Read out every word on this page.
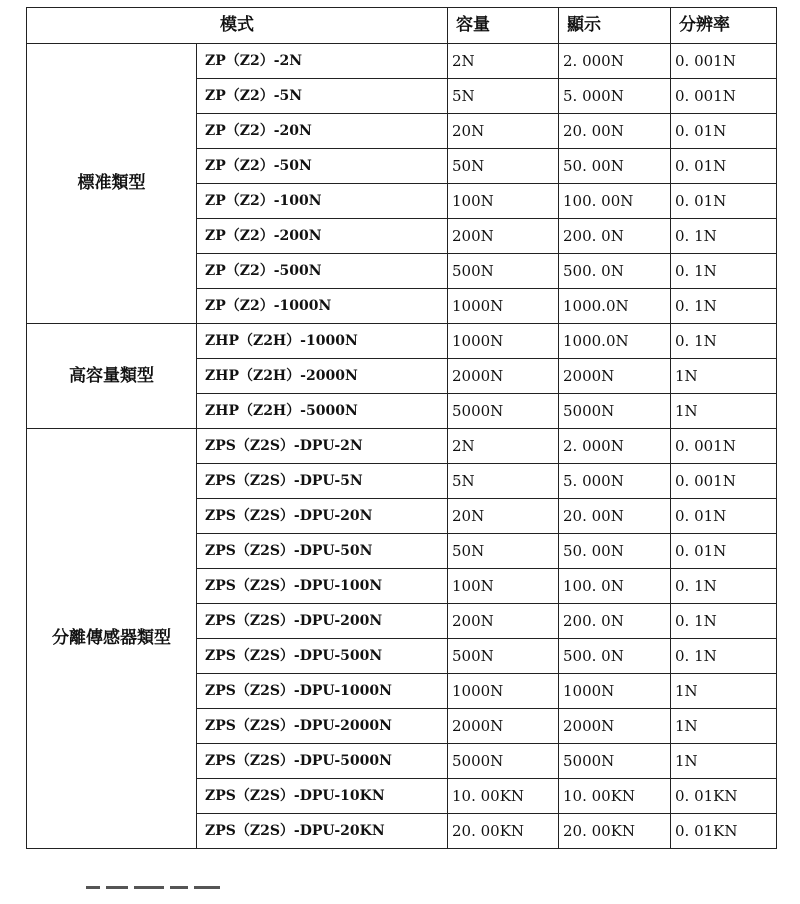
模式		容量	顯示	分辨率
標准類型	ZP（Z2）-2N	2N	2. 000N	0. 001N
	ZP（Z2）-5N	5N	5. 000N	0. 001N
	ZP（Z2）-20N	20N	20. 00N	0. 01N
	ZP（Z2）-50N	50N	50. 00N	0. 01N
	ZP（Z2）-100N	100N	100. 00N	0. 01N
	ZP（Z2）-200N	200N	200. 0N	0. 1N
	ZP（Z2）-500N	500N	500. 0N	0. 1N
	ZP（Z2）-1000N	1000N	1000.0N	0. 1N
高容量類型	ZHP（Z2H）-1000N	1000N	1000.0N	0. 1N
	ZHP（Z2H）-2000N	2000N	2000N	1N
	ZHP（Z2H）-5000N	5000N	5000N	1N
分離傳感器類型	ZPS（Z2S）-DPU-2N	2N	2. 000N	0. 001N
	ZPS（Z2S）-DPU-5N	5N	5. 000N	0. 001N
	ZPS（Z2S）-DPU-20N	20N	20. 00N	0. 01N
	ZPS（Z2S）-DPU-50N	50N	50. 00N	0. 01N
	ZPS（Z2S）-DPU-100N	100N	100. 0N	0. 1N
	ZPS（Z2S）-DPU-200N	200N	200. 0N	0. 1N
	ZPS（Z2S）-DPU-500N	500N	500. 0N	0. 1N
	ZPS（Z2S）-DPU-1000N	1000N	1000N	1N
	ZPS（Z2S）-DPU-2000N	2000N	2000N	1N
	ZPS（Z2S）-DPU-5000N	5000N	5000N	1N
	ZPS（Z2S）-DPU-10KN	10. 00KN	10. 00KN	0. 01KN
	ZPS（Z2S）-DPU-20KN	20. 00KN	20. 00KN	0. 01KN
